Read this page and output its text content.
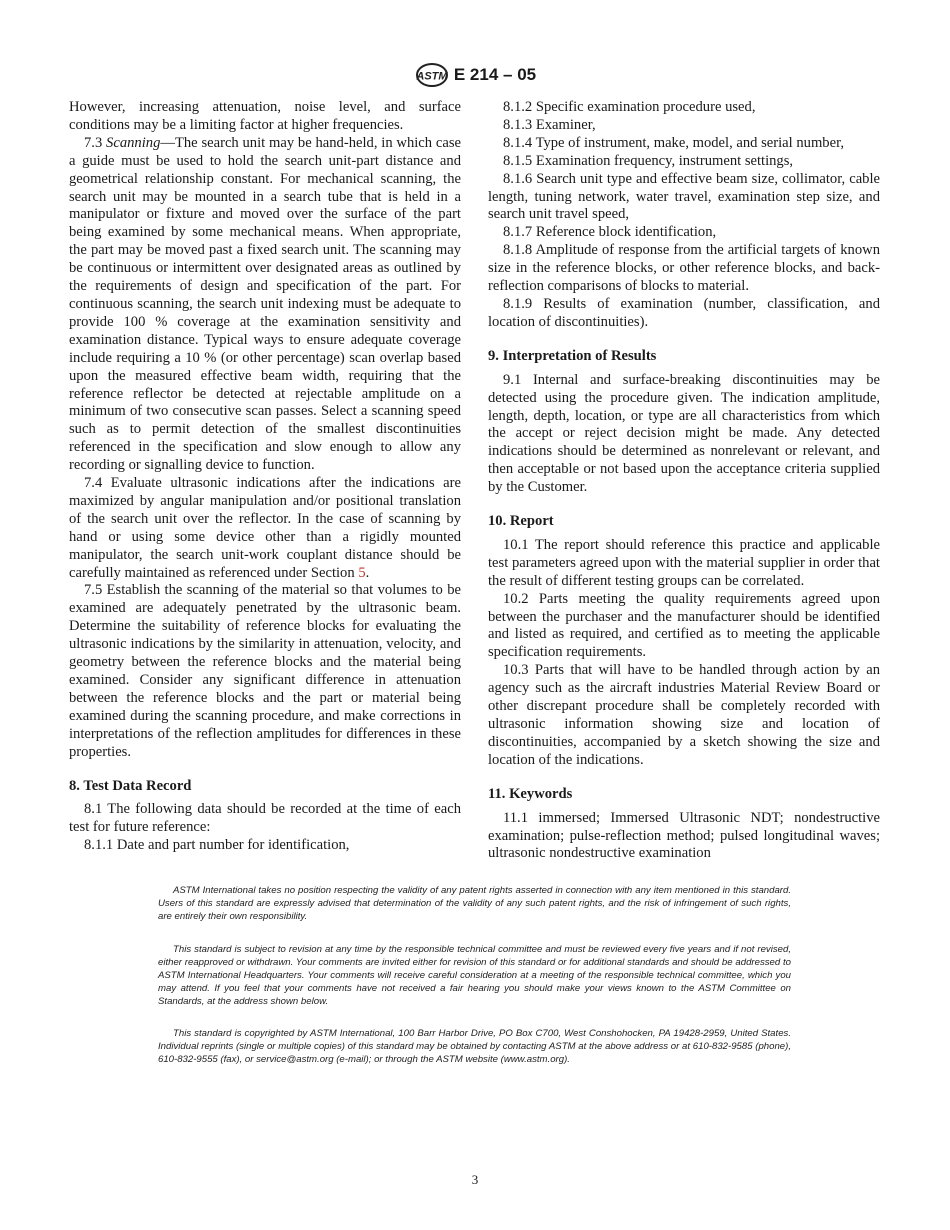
ASTM E 214 – 05

However, increasing attenuation, noise level, and surface conditions may be a limiting factor at higher frequencies.

7.3 Scanning—The search unit may be hand-held, in which case a guide must be used to hold the search unit-part distance and geometrical relationship constant. For mechanical scanning, the search unit may be mounted in a search tube that is held in a manipulator or fixture and moved over the surface of the part being examined by some mechanical means. When appropriate, the part may be moved past a fixed search unit. The scanning may be continuous or intermittent over designated areas as outlined by the requirements of design and specification of the part. For continuous scanning, the search unit indexing must be adequate to provide 100 % coverage at the examination sensitivity and examination distance. Typical ways to ensure adequate coverage include requiring a 10 % (or other percentage) scan overlap based upon the measured effective beam width, requiring that the reference reflector be detected at rejectable amplitude on a minimum of two consecutive scan passes. Select a scanning speed such as to permit detection of the smallest discontinuities referenced in the specification and slow enough to allow any recording or signalling device to function.

7.4 Evaluate ultrasonic indications after the indications are maximized by angular manipulation and/or positional translation of the search unit over the reflector. In the case of scanning by hand or using some device other than a rigidly mounted manipulator, the search unit-work couplant distance should be carefully maintained as referenced under Section 5.

7.5 Establish the scanning of the material so that volumes to be examined are adequately penetrated by the ultrasonic beam. Determine the suitability of reference blocks for evaluating the ultrasonic indications by the similarity in attenuation, velocity, and geometry between the reference blocks and the material being examined. Consider any significant difference in attenuation between the reference blocks and the part or material being examined during the scanning procedure, and make corrections in interpretations of the reflection amplitudes for differences in these properties.

8. Test Data Record

8.1 The following data should be recorded at the time of each test for future reference:

8.1.1 Date and part number for identification,

8.1.2 Specific examination procedure used,

8.1.3 Examiner,

8.1.4 Type of instrument, make, model, and serial number,

8.1.5 Examination frequency, instrument settings,

8.1.6 Search unit type and effective beam size, collimator, cable length, tuning network, water travel, examination step size, and search unit travel speed,

8.1.7 Reference block identification,

8.1.8 Amplitude of response from the artificial targets of known size in the reference blocks, or other reference blocks, and back-reflection comparisons of blocks to material.

8.1.9 Results of examination (number, classification, and location of discontinuities).

9. Interpretation of Results

9.1 Internal and surface-breaking discontinuities may be detected using the procedure given. The indication amplitude, length, depth, location, or type are all characteristics from which the accept or reject decision might be made. Any detected indications should be determined as nonrelevant or relevant, and then acceptable or not based upon the acceptance criteria supplied by the Customer.

10. Report

10.1 The report should reference this practice and applicable test parameters agreed upon with the material supplier in order that the result of different testing groups can be correlated.

10.2 Parts meeting the quality requirements agreed upon between the purchaser and the manufacturer should be identified and listed as required, and certified as to meeting the applicable specification requirements.

10.3 Parts that will have to be handled through action by an agency such as the aircraft industries Material Review Board or other discrepant procedure shall be completely recorded with ultrasonic information showing size and location of discontinuities, accompanied by a sketch showing the size and location of the indications.

11. Keywords

11.1 immersed; Immersed Ultrasonic NDT; nondestructive examination; pulse-reflection method; pulsed longitudinal waves; ultrasonic nondestructive examination

ASTM International takes no position respecting the validity of any patent rights asserted in connection with any item mentioned in this standard. Users of this standard are expressly advised that determination of the validity of any such patent rights, and the risk of infringement of such rights, are entirely their own responsibility.

This standard is subject to revision at any time by the responsible technical committee and must be reviewed every five years and if not revised, either reapproved or withdrawn. Your comments are invited either for revision of this standard or for additional standards and should be addressed to ASTM International Headquarters. Your comments will receive careful consideration at a meeting of the responsible technical committee, which you may attend. If you feel that your comments have not received a fair hearing you should make your views known to the ASTM Committee on Standards, at the address shown below.

This standard is copyrighted by ASTM International, 100 Barr Harbor Drive, PO Box C700, West Conshohocken, PA 19428-2959, United States. Individual reprints (single or multiple copies) of this standard may be obtained by contacting ASTM at the above address or at 610-832-9585 (phone), 610-832-9555 (fax), or service@astm.org (e-mail); or through the ASTM website (www.astm.org).

3
